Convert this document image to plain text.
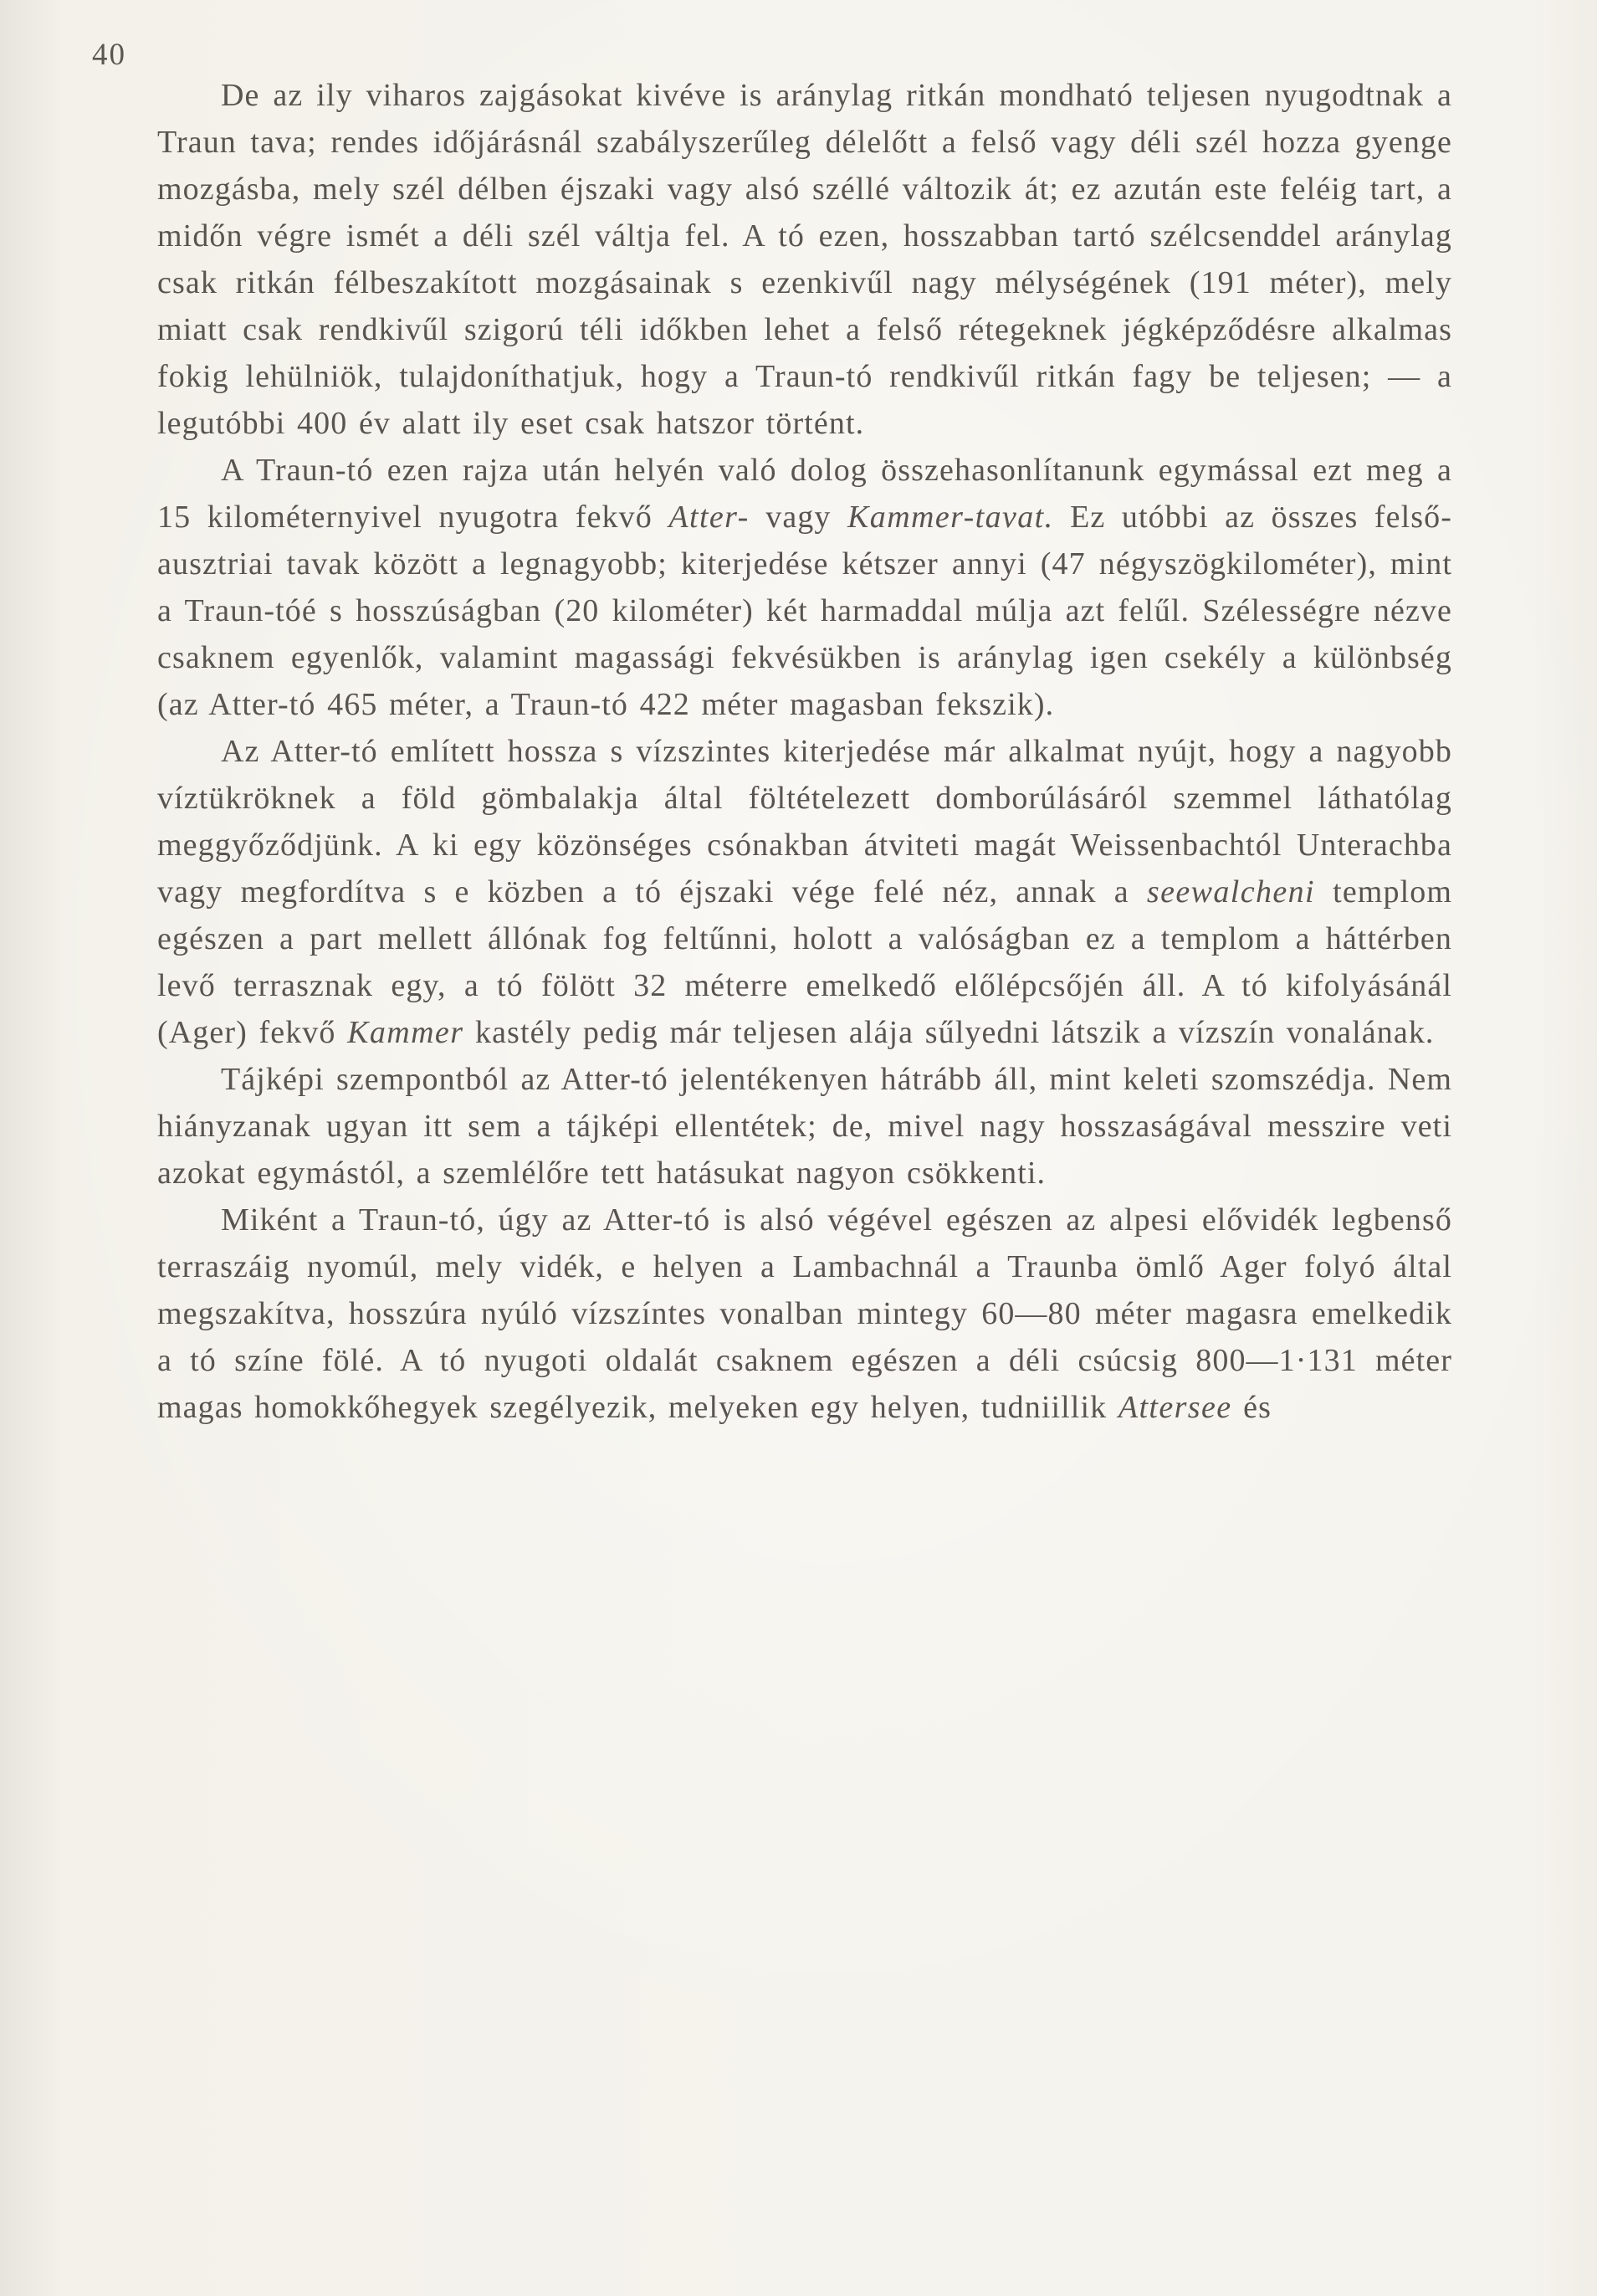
40

De az ily viharos zajgásokat kivéve is aránylag ritkán mondható teljesen nyugodtnak a Traun tava; rendes időjárásnál szabályszerűleg délelőtt a felső vagy déli szél hozza gyenge mozgásba, mely szél délben éjszaki vagy alsó széllé változik át; ez azután este feléig tart, a midőn végre ismét a déli szél váltja fel. A tó ezen, hosszabban tartó szélcsenddel aránylag csak ritkán félbeszakított mozgásainak s ezenkivűl nagy mélységének (191 méter), mely miatt csak rendkivűl szigorú téli időkben lehet a felső rétegeknek jégképződésre alkalmas fokig lehülniök, tulajdoníthatjuk, hogy a Traun-tó rendkivűl ritkán fagy be teljesen; — a legutóbbi 400 év alatt ily eset csak hatszor történt.

A Traun-tó ezen rajza után helyén való dolog összehasonlítanunk egymással ezt meg a 15 kilométernyivel nyugotra fekvő Atter- vagy Kammer-tavat. Ez utóbbi az összes felső-ausztriai tavak között a legnagyobb; kiterjedése kétszer annyi (47 négyszögkilométer), mint a Traun-tóé s hosszúságban (20 kilométer) két harmaddal múlja azt felűl. Szélességre nézve csaknem egyenlők, valamint magassági fekvésükben is aránylag igen csekély a különbség (az Atter-tó 465 méter, a Traun-tó 422 méter magasban fekszik).

Az Atter-tó említett hossza s vízszintes kiterjedése már alkalmat nyújt, hogy a nagyobb víztükröknek a föld gömbalakja által föltételezett domborúlásáról szemmel láthatólag meggyőződjünk. A ki egy közönséges csónakban átviteti magát Weissenbachtól Unterachba vagy megfordítva s e közben a tó éjszaki vége felé néz, annak a seewalcheni templom egészen a part mellett állónak fog feltűnni, holott a valóságban ez a templom a háttérben levő terrasznak egy, a tó fölött 32 méterre emelkedő előlépcsőjén áll. A tó kifolyásánál (Ager) fekvő Kammer kastély pedig már teljesen alája sűlyedni látszik a vízszín vonalának.

Tájképi szempontból az Atter-tó jelentékenyen hátrább áll, mint keleti szomszédja. Nem hiányzanak ugyan itt sem a tájképi ellentétek; de, mivel nagy hosszaságával messzire veti azokat egymástól, a szemlélőre tett hatásukat nagyon csökkenti.

Miként a Traun-tó, úgy az Atter-tó is alsó végével egészen az alpesi elővidék legbenső terraszáig nyomúl, mely vidék, e helyen a Lambachnál a Traunba ömlő Ager folyó által megszakítva, hosszúra nyúló vízszíntes vonalban mintegy 60—80 méter magasra emelkedik a tó színe fölé. A tó nyugoti oldalát csaknem egészen a déli csúcsig 800—1·131 méter magas homokkőhegyek szegélyezik, melyeken egy helyen, tudniillik Attersee és
